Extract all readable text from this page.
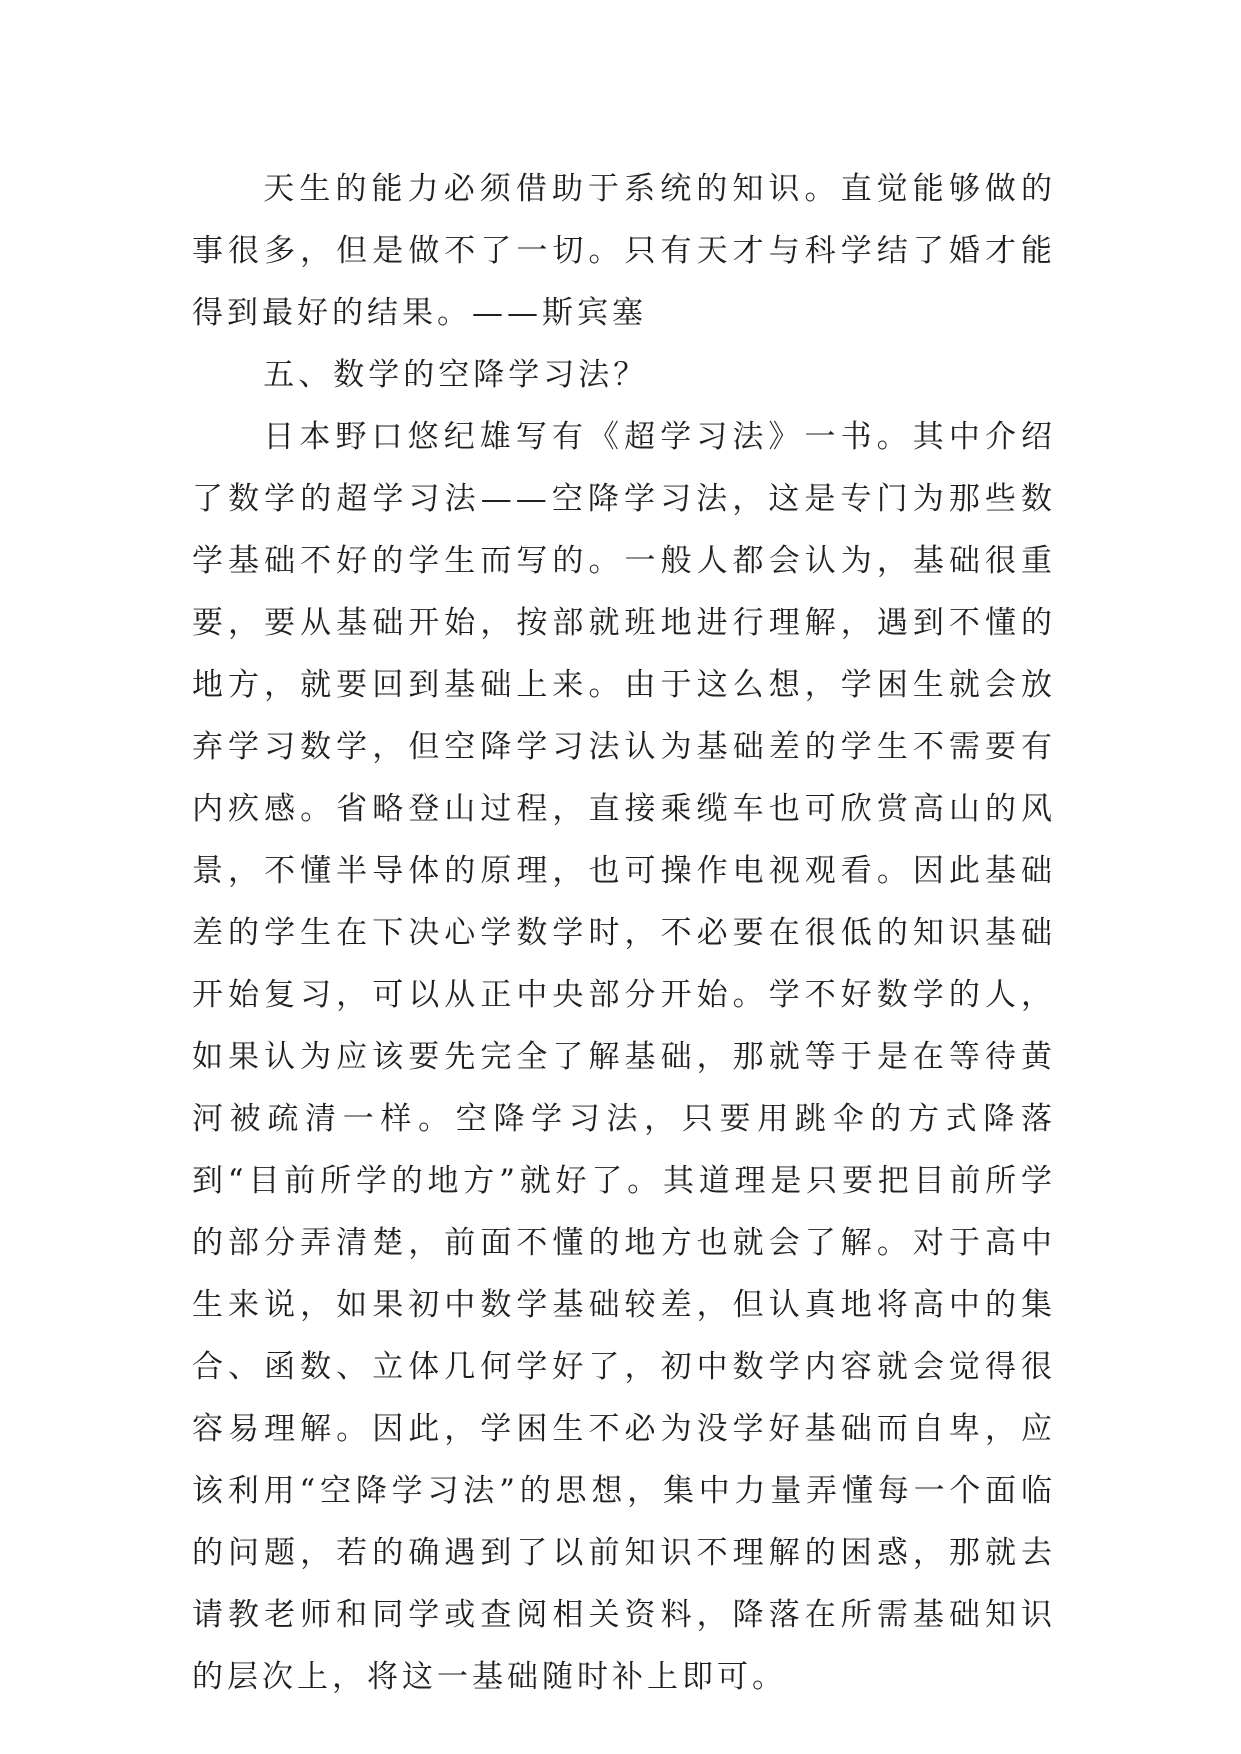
天生的能力必须借助于系统的知识。直觉能够做的事很多，但是做不了一切。只有天才与科学结了婚才能得到最好的结果。——斯宾塞

五、数学的空降学习法？

日本野口悠纪雄写有《超学习法》一书。其中介绍了数学的超学习法——空降学习法，这是专门为那些数学基础不好的学生而写的。一般人都会认为，基础很重要，要从基础开始，按部就班地进行理解，遇到不懂的地方，就要回到基础上来。由于这么想，学困生就会放弃学习数学，但空降学习法认为基础差的学生不需要有内疚感。省略登山过程，直接乘缆车也可欣赏高山的风景，不懂半导体的原理，也可操作电视观看。因此基础差的学生在下决心学数学时，不必要在很低的知识基础开始复习，可以从正中央部分开始。学不好数学的人，如果认为应该要先完全了解基础，那就等于是在等待黄河被疏清一样。空降学习法，只要用跳伞的方式降落到“目前所学的地方”就好了。其道理是只要把目前所学的部分弄清楚，前面不懂的地方也就会了解。对于高中生来说，如果初中数学基础较差，但认真地将高中的集合、函数、立体几何学好了，初中数学内容就会觉得很容易理解。因此，学困生不必为没学好基础而自卑，应该利用“空降学习法”的思想，集中力量弄懂每一个面临的问题，若的确遇到了以前知识不理解的困惑，那就去请教老师和同学或查阅相关资料，降落在所需基础知识的层次上，将这一基础随时补上即可。
